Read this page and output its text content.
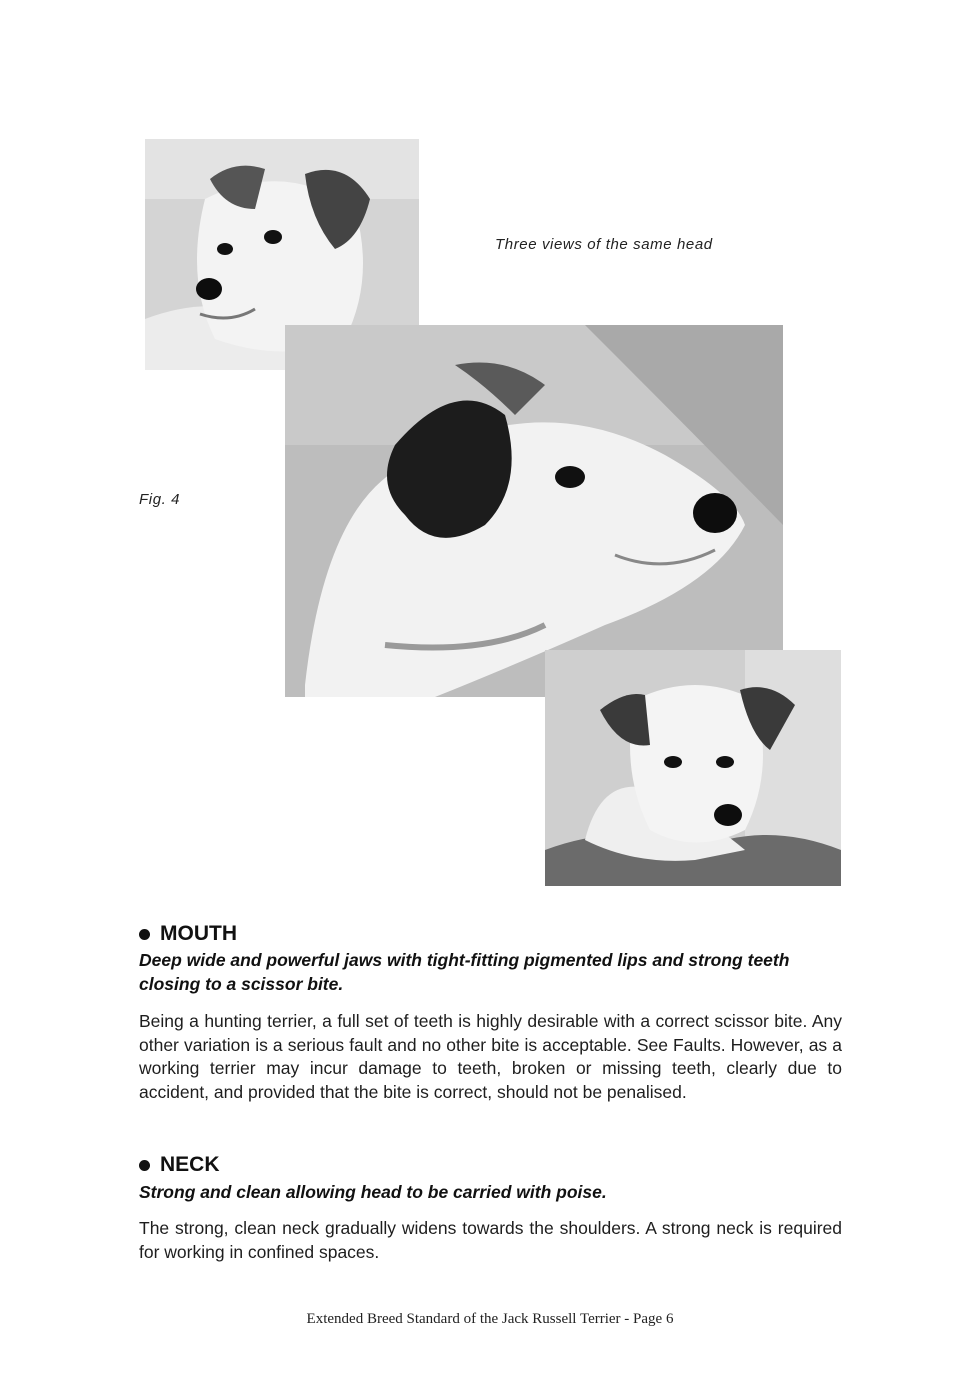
Three views of the same head
Fig. 4
MOUTH
Deep wide and powerful jaws with tight-fitting pigmented lips and strong teeth closing to a scissor bite.
Being a hunting terrier, a full set of teeth is highly desirable with a correct scissor bite. Any other variation is a serious fault and no other bite is acceptable. See Faults. However, as a working terrier may incur damage to teeth, broken or missing teeth, clearly due to accident, and provided that the bite is correct, should not be penalised.
NECK
Strong and clean allowing head to be carried with poise.
The strong, clean neck gradually widens towards the shoulders. A strong neck is required for working in confined spaces.
Extended Breed Standard of the Jack Russell Terrier - Page 6
